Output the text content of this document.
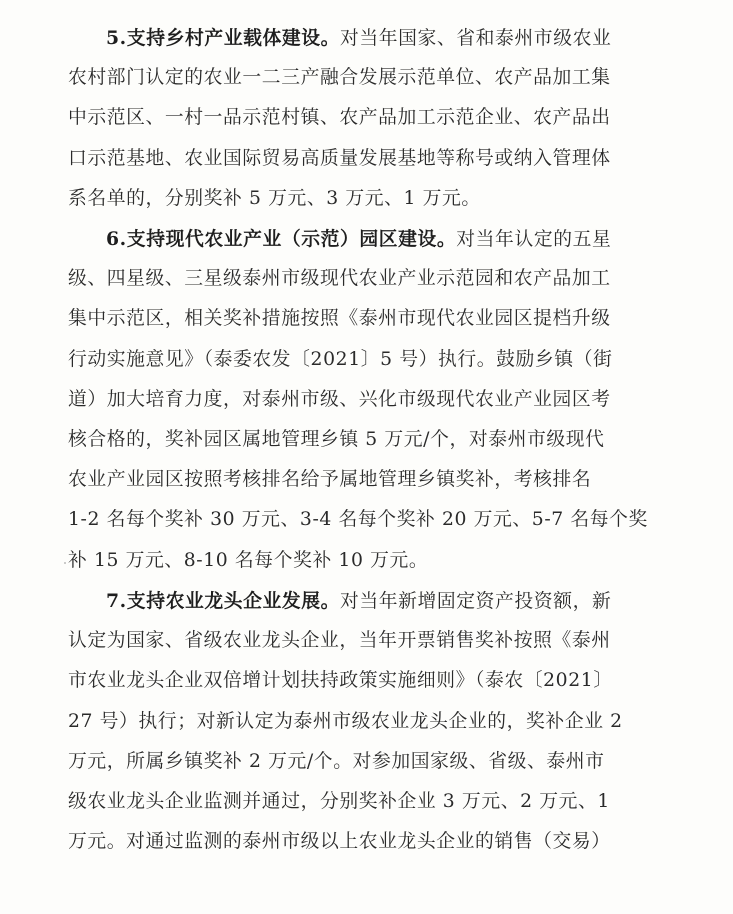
5.支持乡村产业载体建设。对当年国家、省和泰州市级农业
农村部门认定的农业一二三产融合发展示范单位、农产品加工集
中示范区、一村一品示范村镇、农产品加工示范企业、农产品出
口示范基地、农业国际贸易高质量发展基地等称号或纳入管理体
系名单的，分别奖补 5 万元、3 万元、1 万元。
6.支持现代农业产业（示范）园区建设。对当年认定的五星
级、四星级、三星级泰州市级现代农业产业示范园和农产品加工
集中示范区，相关奖补措施按照《泰州市现代农业园区提档升级
行动实施意见》（泰委农发〔2021〕5 号）执行。鼓励乡镇（街
道）加大培育力度，对泰州市级、兴化市级现代农业产业园区考
核合格的，奖补园区属地管理乡镇 5 万元/个，对泰州市级现代
农业产业园区按照考核排名给予属地管理乡镇奖补，考核排名
1-2 名每个奖补 30 万元、3-4 名每个奖补 20 万元、5-7 名每个奖
补 15 万元、8-10 名每个奖补 10 万元。
7.支持农业龙头企业发展。对当年新增固定资产投资额，新
认定为国家、省级农业龙头企业，当年开票销售奖补按照《泰州
市农业龙头企业双倍增计划扶持政策实施细则》（泰农〔2021〕
27 号）执行；对新认定为泰州市级农业龙头企业的，奖补企业 2
万元，所属乡镇奖补 2 万元/个。对参加国家级、省级、泰州市
级农业龙头企业监测并通过，分别奖补企业 3 万元、2 万元、1
万元。对通过监测的泰州市级以上农业龙头企业的销售（交易）
